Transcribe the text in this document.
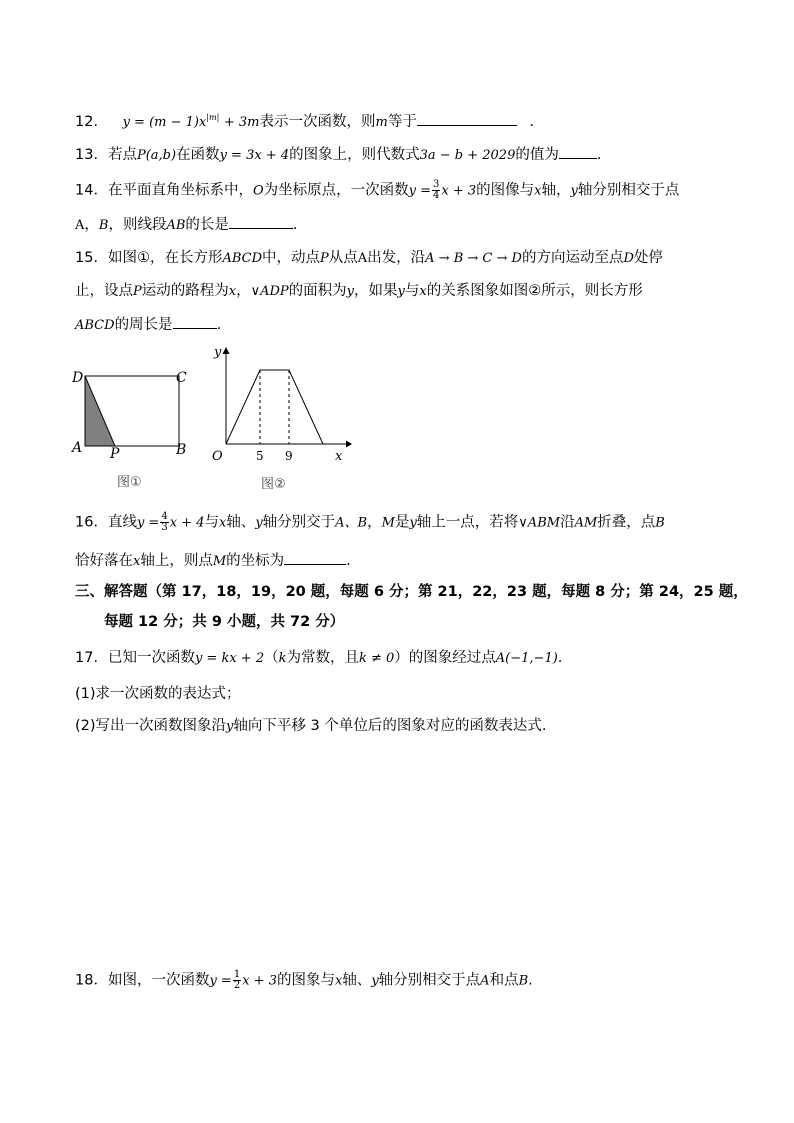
12． $y = (m - 1)x^{|m|} + 3m$表示一次函数，则m等于	．
13．若点P(a,b)在函数y = 3x + 4的图象上，则代数式3a − b + 2029的值为	.
14．在平面直角坐标系中，O为坐标原点，一次函数$y = \frac{3}{4}$ x + 3的图像与x轴，y轴分别相交于点
A，B，则线段AB的长是	.
15．如图①，在长方形ABCD中，动点P从点A出发，沿A → B → C → D的方向运动至点D处停
止，设点P运动的路程为x，∨ADP的面积为y，如果y与x的关系图象如图②所示，则长方形
ABCD的周长是	.
D	C
A P	B
图①
y
O	5 9	x
图②
16．直线$y = \frac{4}{3}$ x + 4与x轴、y轴分别交于A、B，M是y轴上一点，若将∨ABM沿AM折叠，点B
恰好落在x轴上，则点M的坐标为	.
三、解答题（第 17，18，19，20 题，每题 6 分；第 21，22，23 题，每题 8 分；第 24，25 题，
每题 12 分；共 9 小题，共 72 分）
17．已知一次函数y = kx + 2（k为常数，且k ≠ 0）的图象经过点A(−1,−1).
(1)求一次函数的表达式；
(2)写出一次函数图象沿y轴向下平移 3 个单位后的图象对应的函数表达式.
18．如图，一次函数$y = \frac{1}{2}$ x + 3的图象与x轴、y轴分别相交于点A和点B.
